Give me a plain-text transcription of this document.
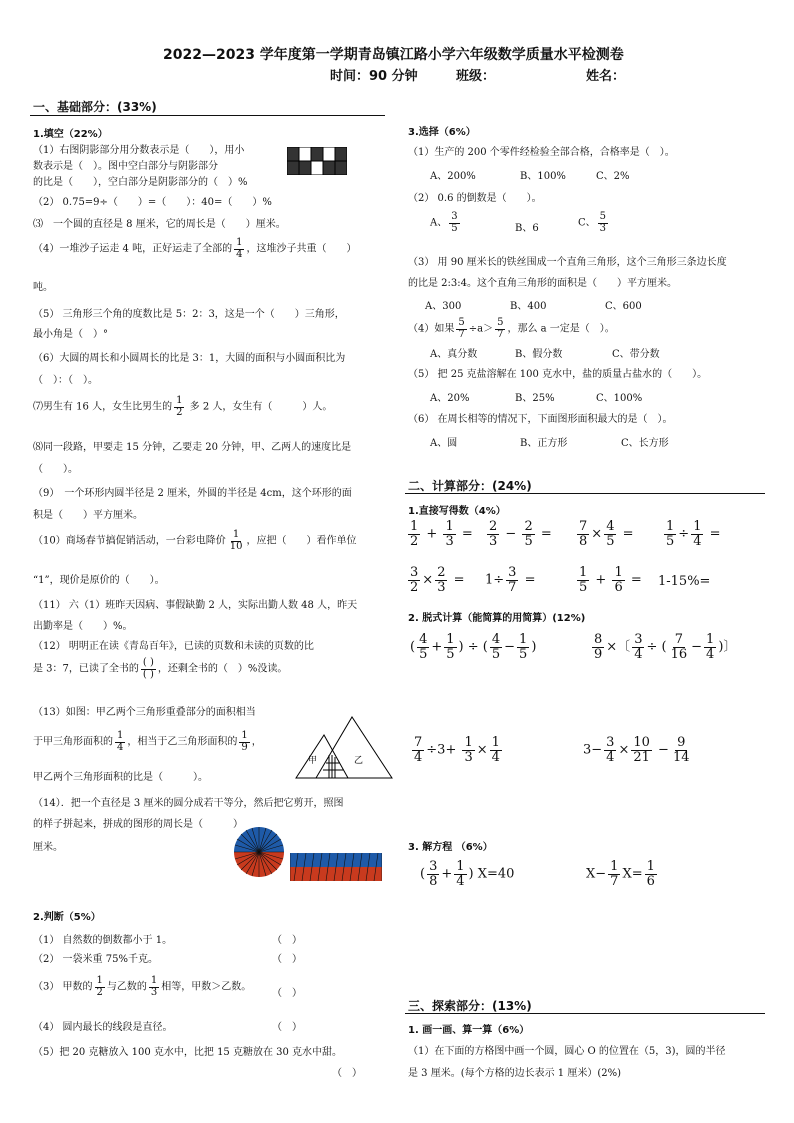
2022—2023 学年度第一学期青岛镇江路小学六年级数学质量水平检测卷
时间：90 分钟	班级：	姓名：
一、基础部分：(33%)
1.填空（22%）
（1）右图阴影部分用分数表示是（　　），用小
数表示是（　）。图中空白部分与阴影部分
的比是（　　），空白部分是阴影部分的（　）%
（2） 0.75=9÷（　　）=（　　）：40=（　　）%
⑶　一个圆的直径是 8 厘米，它的周长是（　　）厘米。
（4）一堆沙子运走 4 吨，正好运走了全部的 $\frac{1}{4}$ ，这堆沙子共重（　　）
吨。
（5） 三角形三个角的度数比是 5：2：3，这是一个（　　）三角形，
最小角是（　）°
（6）大圆的周长和小圆周长的比是 3：1，大圆的面积与小圆面积比为
（　）：（　）。
⑺男生有 16 人，女生比男生的 $\frac{1}{2}$ 多 2 人，女生有（　　　）人。
⑻同一段路，甲要走 15 分钟，乙要走 20 分钟，甲、乙两人的速度比是
（　　）。
（9）　一个环形内圆半径是 2 厘米，外圆的半径是 4cm，这个环形的面
积是（　　）平方厘米。
（10）商场春节搞促销活动，一台彩电降价 $\frac{1}{10}$ ，应把（　　）看作单位
“1”，现价是原价的（　　）。
（11） 六（1）班昨天因病、事假缺勤 2 人，实际出勤人数 48 人，昨天
出勤率是（　　）%。
（12） 明明正在读《青岛百年》，已读的页数和未读的页数的比
是 3：7，已读了全书的 $\frac{( )}{( )}$ ，还剩全书的（　）%没读。
（13）如图：甲乙两个三角形重叠部分的面积相当
于甲三角形面积的 $\frac{1}{4}$ ，相当于乙三角形面积的 $\frac{1}{9}$ ，
甲乙两个三角形面积的比是（　　　）。
甲	乙
（14）．把一个直径是 3 厘米的圆分成若干等分，然后把它剪开，照图
的样子拼起来，拼成的图形的周长是（　　　）
厘米。
2.判断（5%）
（1） 自然数的倒数都小于 1。	（　）
（2） 一袋米重 75%千克。	（　）
（3） 甲数的 $\frac{1}{2}$ 与乙数的 $\frac{1}{3}$ 相等，甲数＞乙数。
（　）
（4） 圆内最长的线段是直径。	（　）
（5）把 20 克糖放入 100 克水中，比把 15 克糖放在 30 克水中甜。
（　）
3.选择（6%）
（1）生产的 200 个零件经检验全部合格，合格率是（　）。
A、200%	B、100%	C、2%
（2） 0.6 的倒数是（　　）。
A、 $\frac{3}{5}$	B、6	C、 $\frac{5}{3}$
（3） 用 90 厘米长的铁丝围成一个直角三角形，这个三角形三条边长度
的比是 2:3:4。这个直角三角形的面积是（　　）平方厘米。
A、300	B、400	C、600
（4）如果 $\frac{5}{7} \div a> \frac{5}{7}$ ，那么 a 一定是（　）。
A、真分数	B、假分数	C、带分数
（5） 把 25 克盐溶解在 100 克水中，盐的质量占盐水的（　　）。
A、20%	B、25%	C、100%
（6） 在周长相等的情况下，下面图形面积最大的是（　）。
A、圆	B、正方形	C、长方形
二、计算部分：(24%)
1.直接写得数（4%）
$\frac{1}{2} + \frac{1}{3} = \frac{2}{3} - \frac{2}{5} = \frac{7}{8} \times \frac{4}{5} = \frac{1}{5} \div \frac{1}{4}$ =
$\frac{3}{2} \times \frac{2}{3} = 1\div \frac{3}{7}$ =	$\frac{1}{5} + \frac{1}{6} = 1-15\%=$
2. 脱式计算（能简算的用简算）(12%)
( $\frac{4}{5} + \frac{1}{5}$ ) ÷ ( $\frac{4}{5} - \frac{1}{5}$ )	$\frac{8}{9}$ ×〔 $\frac{3}{4}$ ÷ ( $\frac{7}{16} - \frac{1}{4}$ )〕
$\frac{7}{4} \div 3+ \frac{1}{3} \times \frac{1}{4}$	$3- \frac{3}{4} \times \frac{10}{21} - \frac{9}{14}$
3. 解方程 （6%）
( $\frac{3}{8} + \frac{1}{4}$ ) X=40	$X- \frac{1}{7} X= \frac{1}{6}$
三、探索部分：(13%)
1. 画一画、算一算（6%）
（1）在下面的方格图中画一个圆，圆心 O 的位置在（5，3)，圆的半径
是 3 厘米。(每个方格的边长表示 1 厘米）(2%)
